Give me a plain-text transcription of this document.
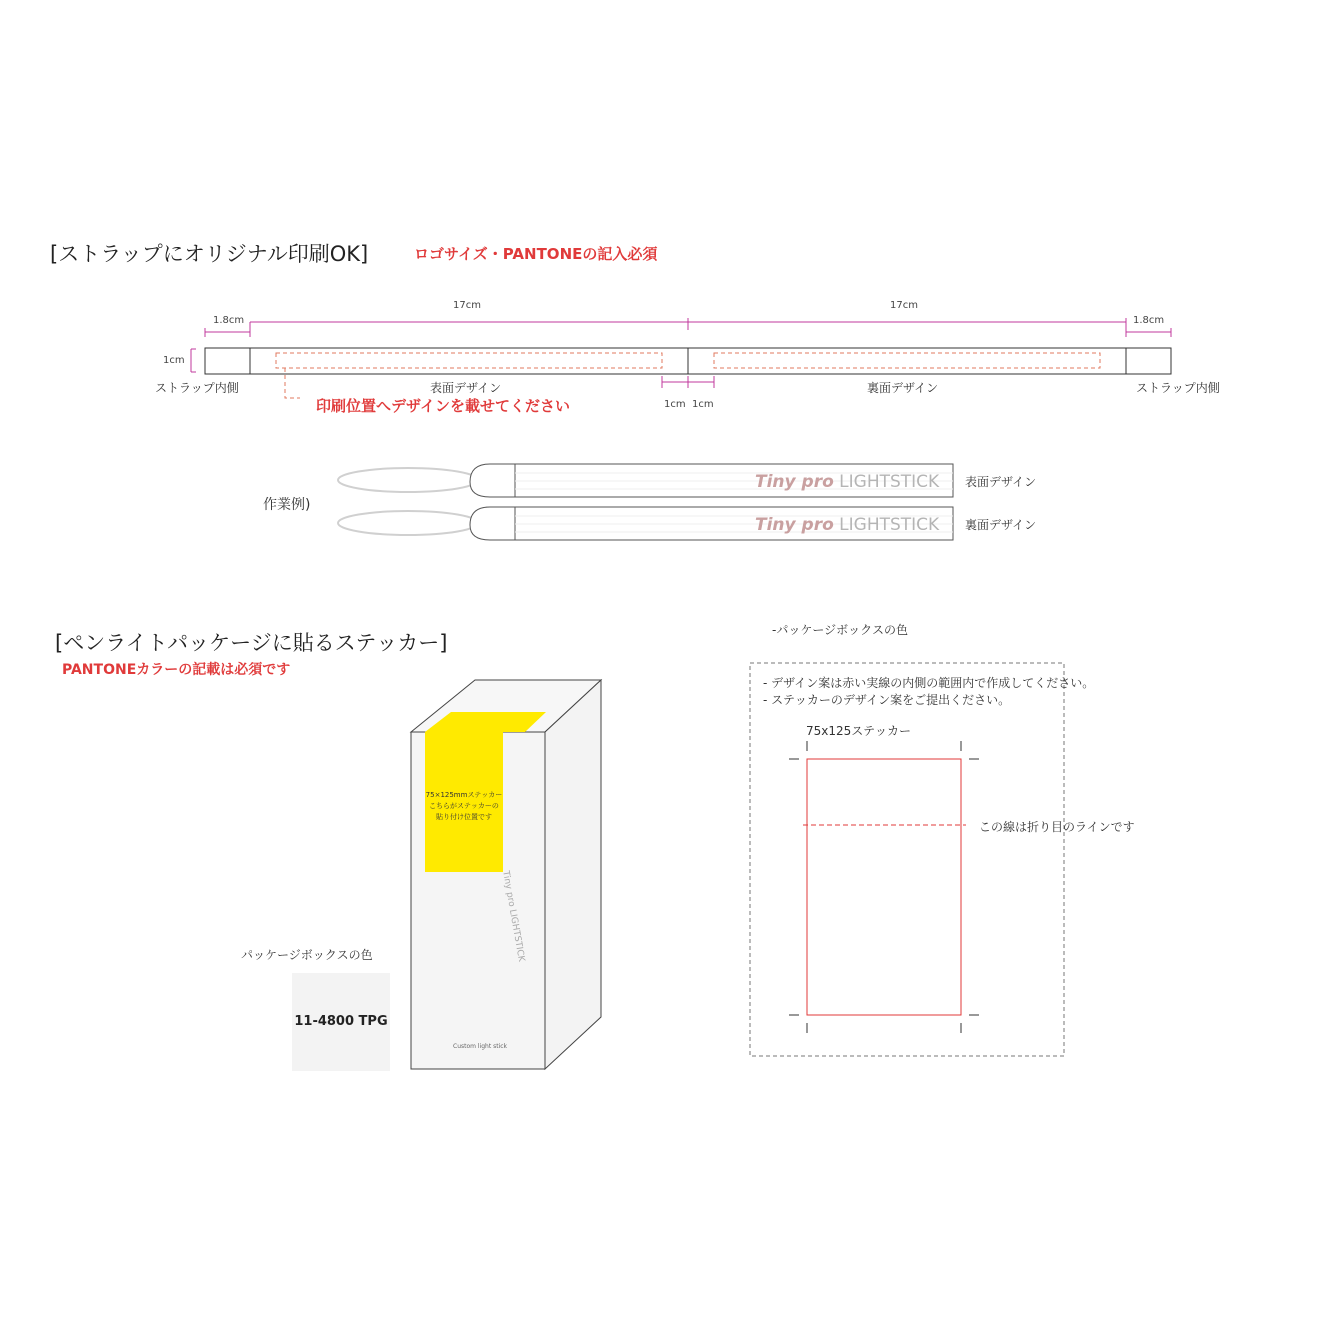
[ストラップにオリジナル印刷OK]	ロゴサイズ・PANTONEの記入必須
1.8cm
17cm	17cm
1.8cm
1cm
ストラップ内側	表面デザイン	裏面デザイン	ストラップ内側
印刷位置へデザインを載せてください	1cm 1cm
作業例)
Tiny pro LIGHTSTICK
Tiny pro LIGHTSTICK
表面デザイン
裏面デザイン
[ペンライトパッケージに貼るステッカー]
PANTONEカラーの記載は必須です
75×125mmステッカー
こちらがステッカーの
貼り付け位置です
Tiny pro LIGHTSTICK
Custom light stick
パッケージボックスの色
11-4800 TPG
-パッケージボックスの色
- デザイン案は赤い実線の内側の範囲内で作成してください。
- ステッカーのデザイン案をご提出ください。
75x125ステッカー
この線は折り目のラインです
